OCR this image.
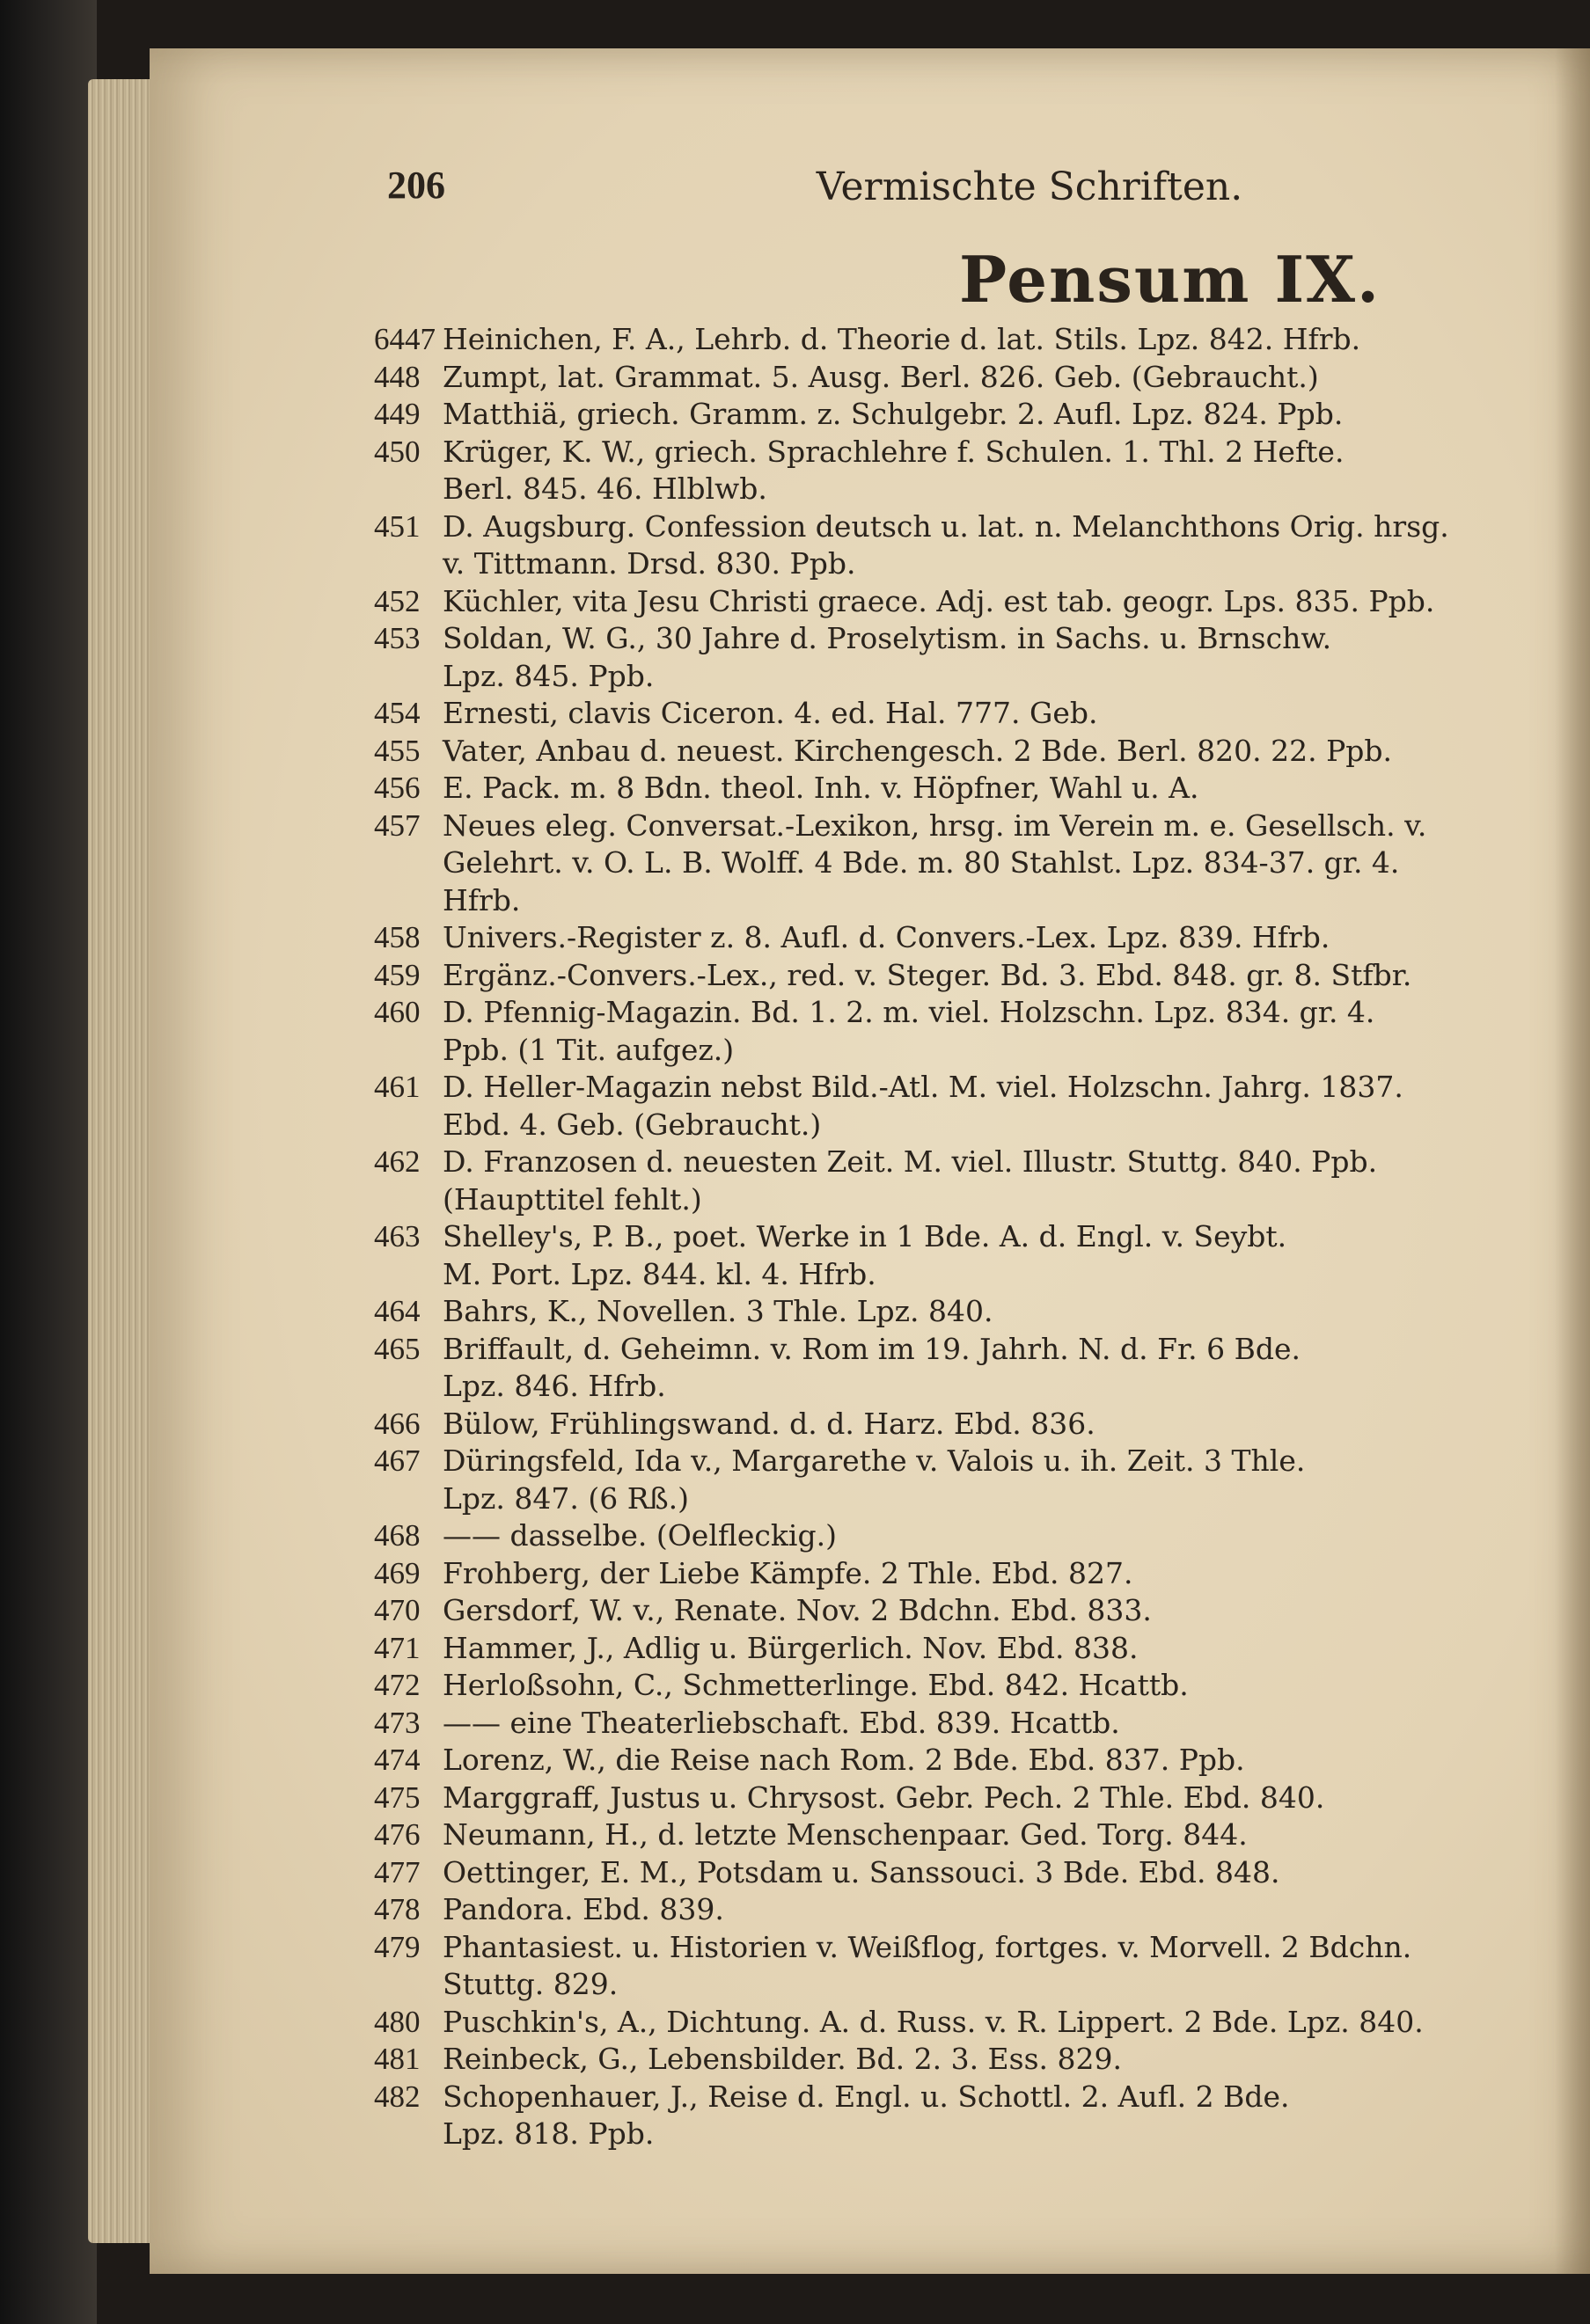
206	Vermischte Schriften.
Pensum IX.
6447 Heinichen, F. A., Lehrb. d. Theorie d. lat. Stils. Lpz. 842. Hfrb.
448 Zumpt, lat. Grammat. 5. Ausg. Berl. 826. Geb. (Gebraucht.)
449 Matthiä, griech. Gramm. z. Schulgebr. 2. Aufl. Lpz. 824. Ppb.
450 Krüger, K. W., griech. Sprachlehre f. Schulen. 1. Thl. 2 Hefte.
Berl. 845. 46. Hlblwb.
451 D. Augsburg. Confession deutsch u. lat. n. Melanchthons Orig. hrsg.
v. Tittmann. Drsd. 830. Ppb.
452 Küchler, vita Jesu Christi graece. Adj. est tab. geogr. Lps. 835. Ppb.
453 Soldan, W. G., 30 Jahre d. Proselytism. in Sachs. u. Brnschw.
Lpz. 845. Ppb.
454 Ernesti, clavis Ciceron. 4. ed. Hal. 777. Geb.
455 Vater, Anbau d. neuest. Kirchengesch. 2 Bde. Berl. 820. 22. Ppb.
456 E. Pack. m. 8 Bdn. theol. Inh. v. Höpfner, Wahl u. A.
457 Neues eleg. Conversat.-Lexikon, hrsg. im Verein m. e. Gesellsch. v.
Gelehrt. v. O. L. B. Wolff. 4 Bde. m. 80 Stahlst. Lpz. 834-37. gr. 4. Hfrb.
458 Univers.-Register z. 8. Aufl. d. Convers.-Lex. Lpz. 839. Hfrb.
459 Ergänz.-Convers.-Lex., red. v. Steger. Bd. 3. Ebd. 848. gr. 8. Stfbr.
460 D. Pfennig-Magazin. Bd. 1. 2. m. viel. Holzschn. Lpz. 834. gr. 4.
Ppb. (1 Tit. aufgez.)
461 D. Heller-Magazin nebst Bild.-Atl. M. viel. Holzschn. Jahrg. 1837.
Ebd. 4. Geb. (Gebraucht.)
462 D. Franzosen d. neuesten Zeit. M. viel. Illustr. Stuttg. 840. Ppb.
(Haupttitel fehlt.)
463 Shelley's, P. B., poet. Werke in 1 Bde. A. d. Engl. v. Seybt.
M. Port. Lpz. 844. kl. 4. Hfrb.
464 Bahrs, K., Novellen. 3 Thle. Lpz. 840.
465 Briffault, d. Geheimn. v. Rom im 19. Jahrh. N. d. Fr. 6 Bde.
Lpz. 846. Hfrb.
466 Bülow, Frühlingswand. d. d. Harz. Ebd. 836.
467 Düringsfeld, Ida v., Margarethe v. Valois u. ih. Zeit. 3 Thle.
Lpz. 847. (6 Rß.)
468 —— dasselbe. (Oelfleckig.)
469 Frohberg, der Liebe Kämpfe. 2 Thle. Ebd. 827.
470 Gersdorf, W. v., Renate. Nov. 2 Bdchn. Ebd. 833.
471 Hammer, J., Adlig u. Bürgerlich. Nov. Ebd. 838.
472 Herloßsohn, C., Schmetterlinge. Ebd. 842. Hcattb.
473 —— eine Theaterliebschaft. Ebd. 839. Hcattb.
474 Lorenz, W., die Reise nach Rom. 2 Bde. Ebd. 837. Ppb.
475 Marggraff, Justus u. Chrysost. Gebr. Pech. 2 Thle. Ebd. 840.
476 Neumann, H., d. letzte Menschenpaar. Ged. Torg. 844.
477 Oettinger, E. M., Potsdam u. Sanssouci. 3 Bde. Ebd. 848.
478 Pandora. Ebd. 839.
479 Phantasiest. u. Historien v. Weißflog, fortges. v. Morvell. 2 Bdchn.
Stuttg. 829.
480 Puschkin's, A., Dichtung. A. d. Russ. v. R. Lippert. 2 Bde. Lpz. 840.
481 Reinbeck, G., Lebensbilder. Bd. 2. 3. Ess. 829.
482 Schopenhauer, J., Reise d. Engl. u. Schottl. 2. Aufl. 2 Bde.
Lpz. 818. Ppb.
